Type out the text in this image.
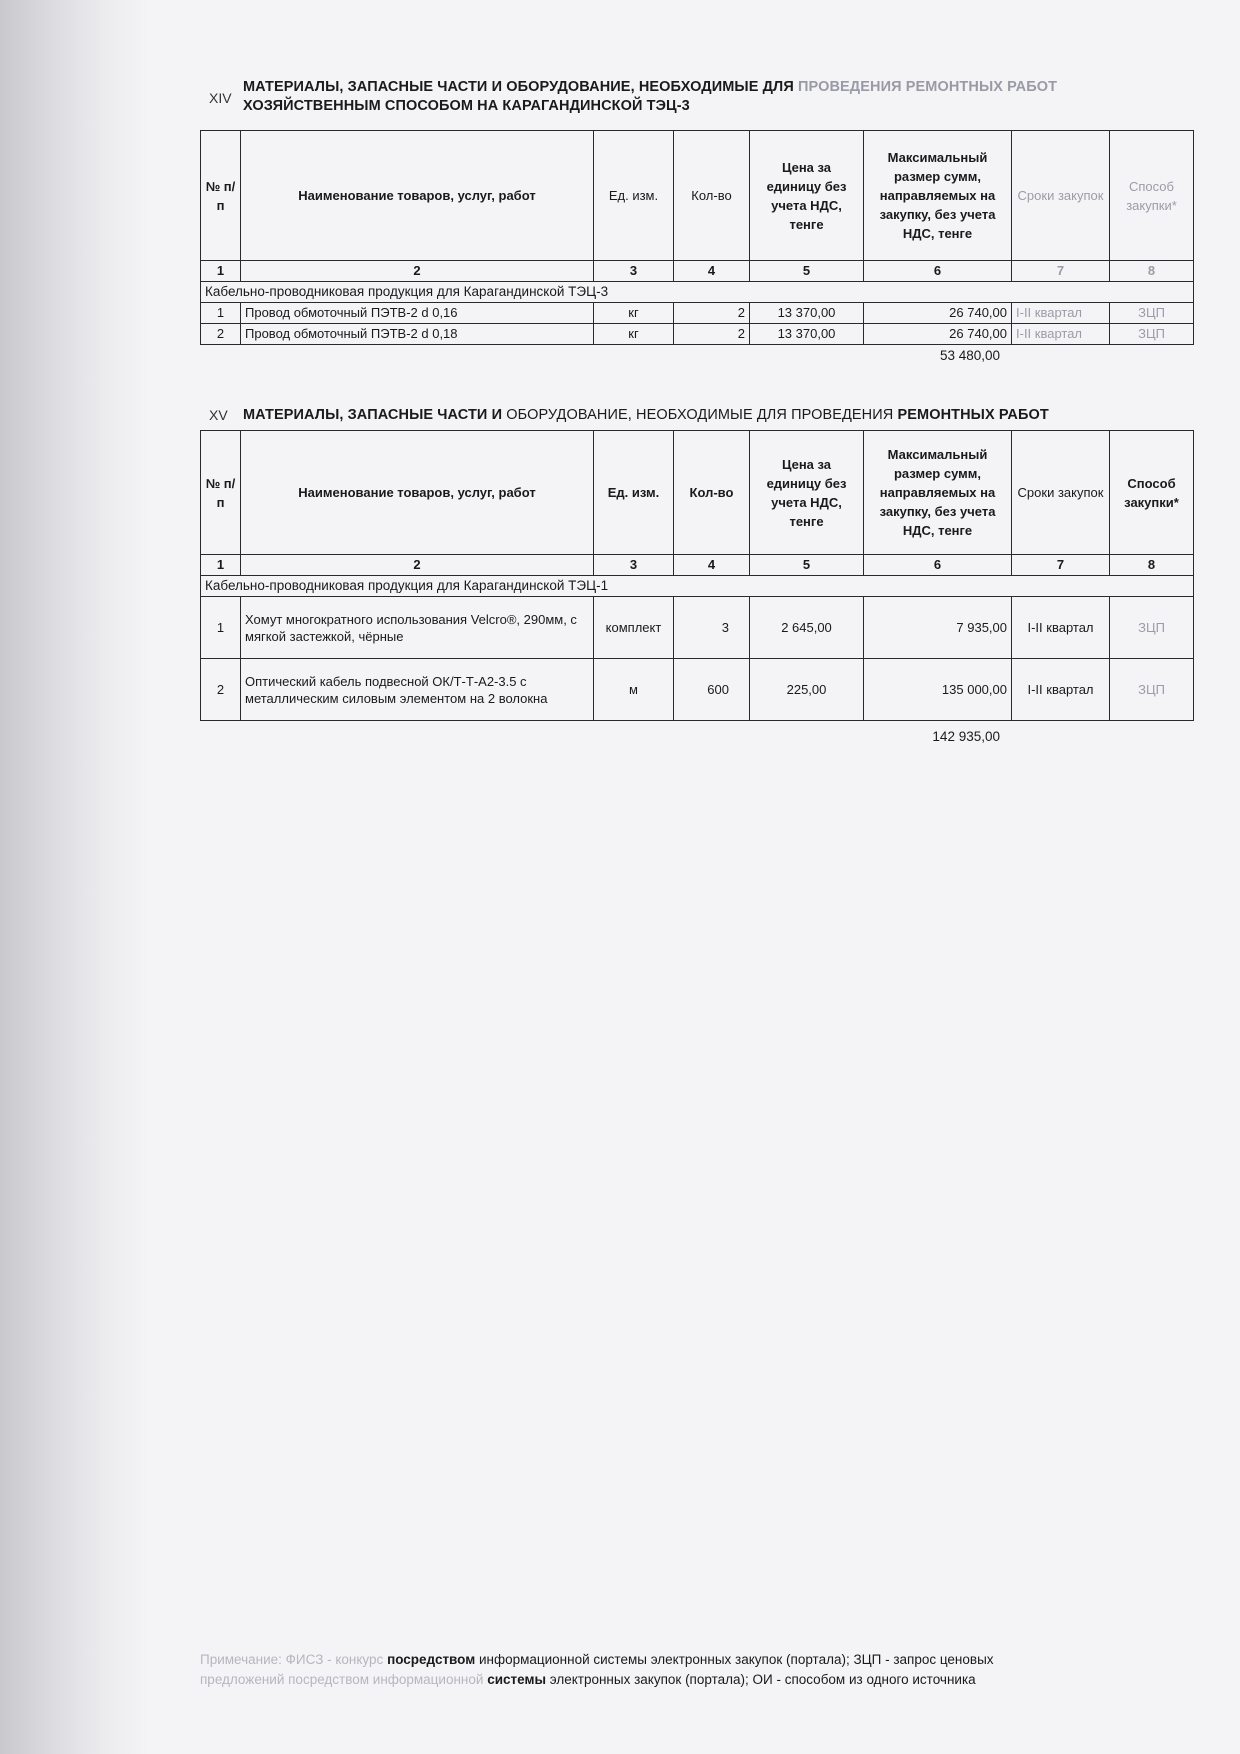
XIV
МАТЕРИАЛЫ, ЗАПАСНЫЕ ЧАСТИ И ОБОРУДОВАНИЕ, НЕОБХОДИМЫЕ ДЛЯ ПРОВЕДЕНИЯ РЕМОНТНЫХ РАБОТ
ХОЗЯЙСТВЕННЫМ СПОСОБОМ НА КАРАГАНДИНСКОЙ ТЭЦ-3
№ п/п	Наименование товаров, услуг, работ	Ед. изм.	Кол-во	Цена за единицу без учета НДС, тенге	Максимальный размер сумм, направляемых на закупку, без учета НДС, тенге	Сроки закупок	Способ закупки*
1	2	3	4	5	6	7	8
Кабельно-проводниковая продукция для Карагандинской ТЭЦ-3							
1	Провод обмоточный ПЭТВ-2 d 0,16	кг	2	13 370,00	26 740,00	I-II квартал	ЗЦП
2	Провод обмоточный ПЭТВ-2 d 0,18	кг	2	13 370,00	26 740,00	I-II квартал	ЗЦП
53 480,00
XV МАТЕРИАЛЫ, ЗАПАСНЫЕ ЧАСТИ И ОБОРУДОВАНИЕ, НЕОБХОДИМЫЕ ДЛЯ ПРОВЕДЕНИЯ РЕМОНТНЫХ РАБОТ
№ п/п	Наименование товаров, услуг, работ	Ед. изм.	Кол-во	Цена за единицу без учета НДС, тенге	Максимальный размер сумм, направляемых на закупку, без учета НДС, тенге	Сроки закупок	Способ закупки*
1	2	3	4	5	6	7	8
Кабельно-проводниковая продукция для Карагандинской ТЭЦ-1							
1	Хомут многократного использования Velcro®, 290мм, с мягкой застежкой, чёрные	комплект	3	2 645,00	7 935,00	I-II квартал	ЗЦП
2	Оптический кабель подвесной ОК/Т-Т-А2-3.5 с металлическим силовым элементом на 2 волокна	м	600	225,00	135 000,00	I-II квартал	ЗЦП
142 935,00
Примечание: ФИСЗ - конкурс посредством информационной системы электронных закупок (портала); ЗЦП - запрос ценовых
предложений посредством информационной системы электронных закупок (портала); ОИ - способом из одного источника
